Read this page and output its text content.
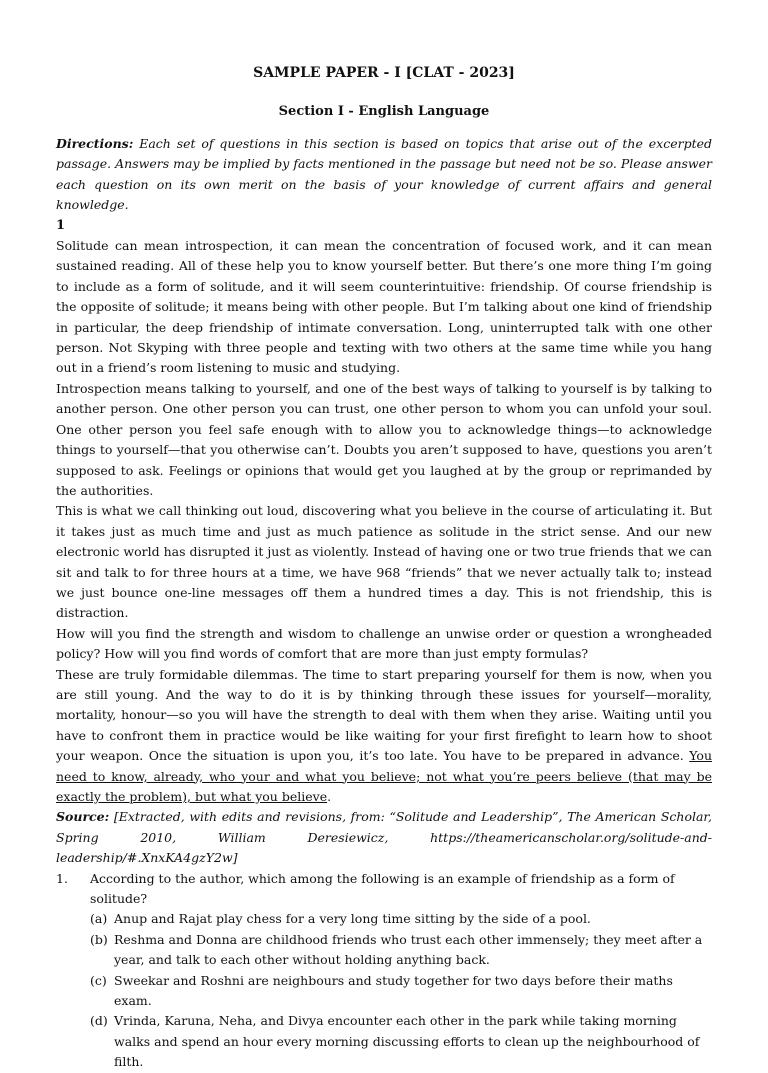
SAMPLE PAPER - I [CLAT - 2023]
Section I - English Language

Directions: Each set of questions in this section is based on topics that arise out of the excerpted passage. Answers may be implied by facts mentioned in the passage but need not be so. Please answer each question on its own merit on the basis of your knowledge of current affairs and general knowledge.

1

Solitude can mean introspection, it can mean the concentration of focused work, and it can mean sustained reading. All of these help you to know yourself better. But there’s one more thing I’m going to include as a form of solitude, and it will seem counterintuitive: friendship. Of course friendship is the opposite of solitude; it means being with other people. But I’m talking about one kind of friendship in particular, the deep friendship of intimate conversation. Long, uninterrupted talk with one other person. Not Skyping with three people and texting with two others at the same time while you hang out in a friend’s room listening to music and studying.

Introspection means talking to yourself, and one of the best ways of talking to yourself is by talking to another person. One other person you can trust, one other person to whom you can unfold your soul. One other person you feel safe enough with to allow you to acknowledge things—to acknowledge things to yourself—that you otherwise can’t. Doubts you aren’t supposed to have, questions you aren’t supposed to ask. Feelings or opinions that would get you laughed at by the group or reprimanded by the authorities.

This is what we call thinking out loud, discovering what you believe in the course of articulating it. But it takes just as much time and just as much patience as solitude in the strict sense. And our new electronic world has disrupted it just as violently. Instead of having one or two true friends that we can sit and talk to for three hours at a time, we have 968 “friends” that we never actually talk to; instead we just bounce one-line messages off them a hundred times a day. This is not friendship, this is distraction.

How will you find the strength and wisdom to challenge an unwise order or question a wrongheaded policy? How will you find words of comfort that are more than just empty formulas?

These are truly formidable dilemmas. The time to start preparing yourself for them is now, when you are still young. And the way to do it is by thinking through these issues for yourself—morality, mortality, honour—so you will have the strength to deal with them when they arise. Waiting until you have to confront them in practice would be like waiting for your first firefight to learn how to shoot your weapon. Once the situation is upon you, it’s too late. You have to be prepared in advance. You need to know, already, who your and what you believe; not what you’re peers believe (that may be exactly the problem), but what you believe.

Source: [Extracted, with edits and revisions, from: “Solitude and Leadership”, The American Scholar, Spring 2010, William Deresiewicz, https://theamericanscholar.org/solitude-and-leadership/#.XnxKA4gzY2w]

1.	According to the author, which among the following is an example of friendship as a form of solitude?
(a) Anup and Rajat play chess for a very long time sitting by the side of a pool.
(b) Reshma and Donna are childhood friends who trust each other immensely; they meet after a year, and talk to each other without holding anything back.
(c) Sweekar and Roshni are neighbours and study together for two days before their maths exam.
(d) Vrinda, Karuna, Neha, and Divya encounter each other in the park while taking morning walks and spend an hour every morning discussing efforts to clean up the neighbourhood of filth.
